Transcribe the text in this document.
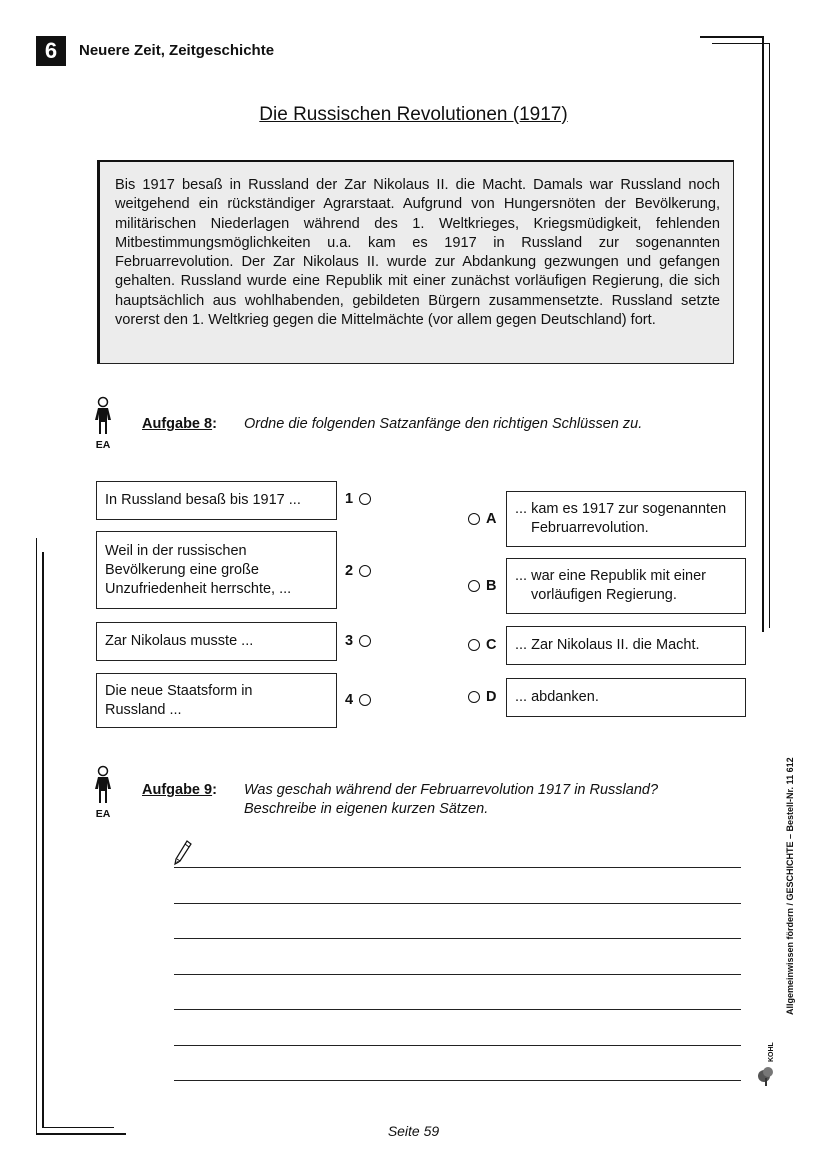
6	Neuere Zeit, Zeitgeschichte
Die Russischen Revolutionen (1917)
Bis 1917 besaß in Russland der Zar Nikolaus II. die Macht. Damals war Russland noch weitgehend ein rückständiger Agrarstaat. Aufgrund von Hungersnöten der Bevölkerung, militärischen Niederlagen während des 1. Weltkrieges, Kriegsmüdigkeit, fehlenden Mitbestimmungsmöglichkeiten u.a. kam es 1917 in Russland zur sogenannten Februarrevolution. Der Zar Nikolaus II. wurde zur Abdankung gezwungen und gefangen gehalten. Russland wurde eine Republik mit einer zunächst vorläufigen Regierung, die sich hauptsächlich aus wohlhabenden, gebildeten Bürgern zusammensetzte. Russland setzte vorerst den 1. Weltkrieg gegen die Mittelmächte (vor allem gegen Deutschland) fort.
EA
Aufgabe 8: Ordne die folgenden Satzanfänge den richtigen Schlüssen zu.
In Russland besaß bis 1917 ...	1
Weil in der russischen
Bevölkerung eine große
Unzufriedenheit herrschte, ...
2
Zar Nikolaus musste ...	3
Die neue Staatsform in
Russland ...
4
A
... kam es 1917 zur sogenannten Februarrevolution.
B
... war eine Republik mit einer vorläufigen Regierung.
C ... Zar Nikolaus II. die Macht.
D ... abdanken.
EA
Aufgabe 9: Was geschah während der Februarrevolution 1917 in Russland?
Beschreibe in eigenen kurzen Sätzen.	Allgemeinwissen fördern / GESCHICHTE – Bestell-Nr. 11 612
KOHL
Seite 59
